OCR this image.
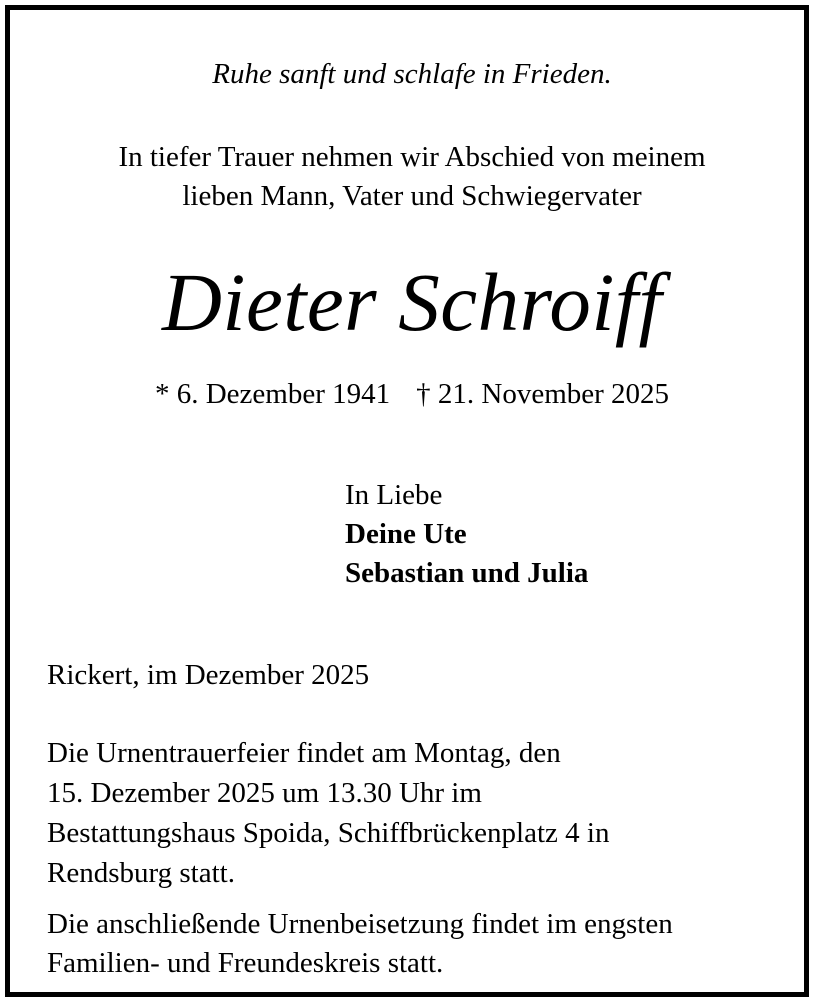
Ruhe sanft und schlafe in Frieden.
In tiefer Trauer nehmen wir Abschied von meinem
lieben Mann, Vater und Schwiegervater
Dieter Schroiff
* 6. Dezember 1941 † 21. November 2025
In Liebe
Deine Ute
Sebastian und Julia
Rickert, im Dezember 2025
Die Urnentrauerfeier findet am Montag, den
15. Dezember 2025 um 13.30 Uhr im
Bestattungshaus Spoida, Schiffbrückenplatz 4 in
Rendsburg statt.
Die anschließende Urnenbeisetzung findet im engsten
Familien- und Freundeskreis statt.
